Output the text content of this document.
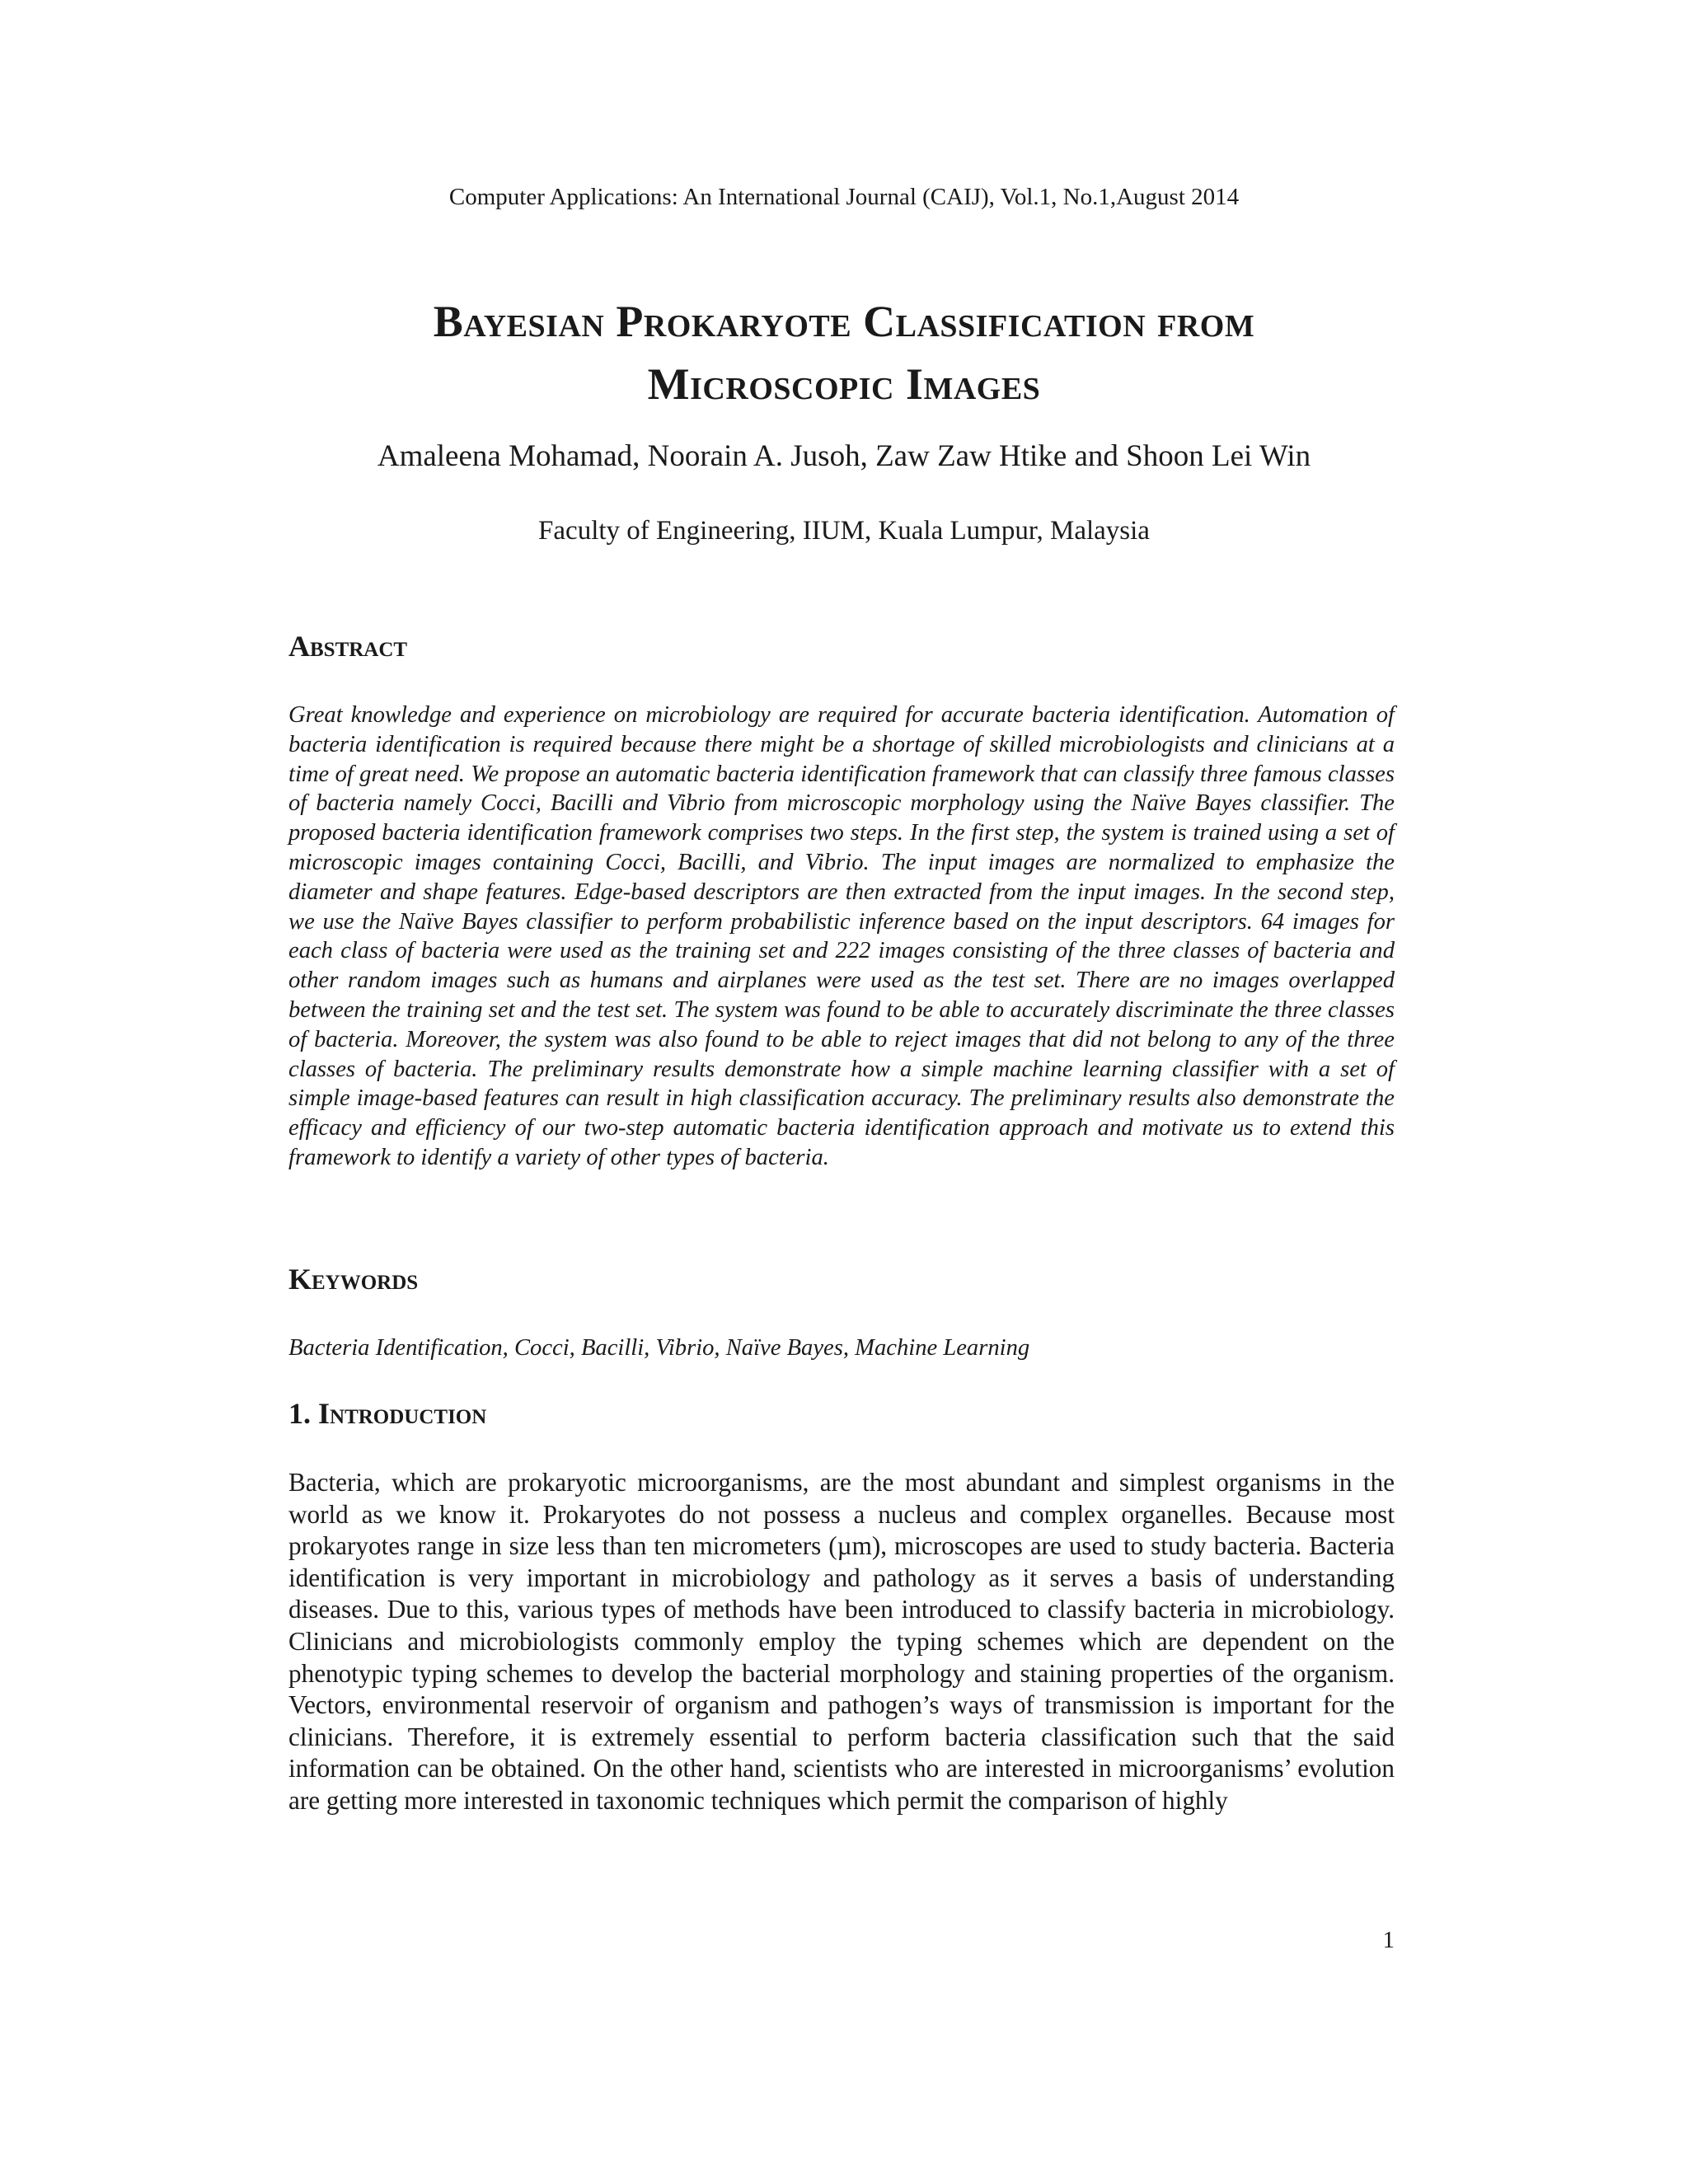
Computer Applications: An International Journal (CAIJ), Vol.1, No.1,August 2014
Bayesian Prokaryote Classification from
Microscopic Images
Amaleena Mohamad, Noorain A. Jusoh, Zaw Zaw Htike and Shoon Lei Win
Faculty of Engineering, IIUM, Kuala Lumpur, Malaysia
Abstract
Great knowledge and experience on microbiology are required for accurate bacteria identification. Automation of bacteria identification is required because there might be a shortage of skilled microbiologists and clinicians at a time of great need. We propose an automatic bacteria identification framework that can classify three famous classes of bacteria namely Cocci, Bacilli and Vibrio from microscopic morphology using the Naïve Bayes classifier. The proposed bacteria identification framework comprises two steps. In the first step, the system is trained using a set of microscopic images containing Cocci, Bacilli, and Vibrio. The input images are normalized to emphasize the diameter and shape features. Edge-based descriptors are then extracted from the input images. In the second step, we use the Naïve Bayes classifier to perform probabilistic inference based on the input descriptors. 64 images for each class of bacteria were used as the training set and 222 images consisting of the three classes of bacteria and other random images such as humans and airplanes were used as the test set. There are no images overlapped between the training set and the test set. The system was found to be able to accurately discriminate the three classes of bacteria. Moreover, the system was also found to be able to reject images that did not belong to any of the three classes of bacteria. The preliminary results demonstrate how a simple machine learning classifier with a set of simple image-based features can result in high classification accuracy. The preliminary results also demonstrate the efficacy and efficiency of our two-step automatic bacteria identification approach and motivate us to extend this framework to identify a variety of other types of bacteria.
Keywords
Bacteria Identification, Cocci, Bacilli, Vibrio, Naïve Bayes, Machine Learning
1. Introduction
Bacteria, which are prokaryotic microorganisms, are the most abundant and simplest organisms in the world as we know it. Prokaryotes do not possess a nucleus and complex organelles. Because most prokaryotes range in size less than ten micrometers (µm), microscopes are used to study bacteria. Bacteria identification is very important in microbiology and pathology as it serves a basis of understanding diseases. Due to this, various types of methods have been introduced to classify bacteria in microbiology. Clinicians and microbiologists commonly employ the typing schemes which are dependent on the phenotypic typing schemes to develop the bacterial morphology and staining properties of the organism. Vectors, environmental reservoir of organism and pathogen’s ways of transmission is important for the clinicians. Therefore, it is extremely essential to perform bacteria classification such that the said information can be obtained. On the other hand, scientists who are interested in microorganisms’ evolution are getting more interested in taxonomic techniques which permit the comparison of highly
1
